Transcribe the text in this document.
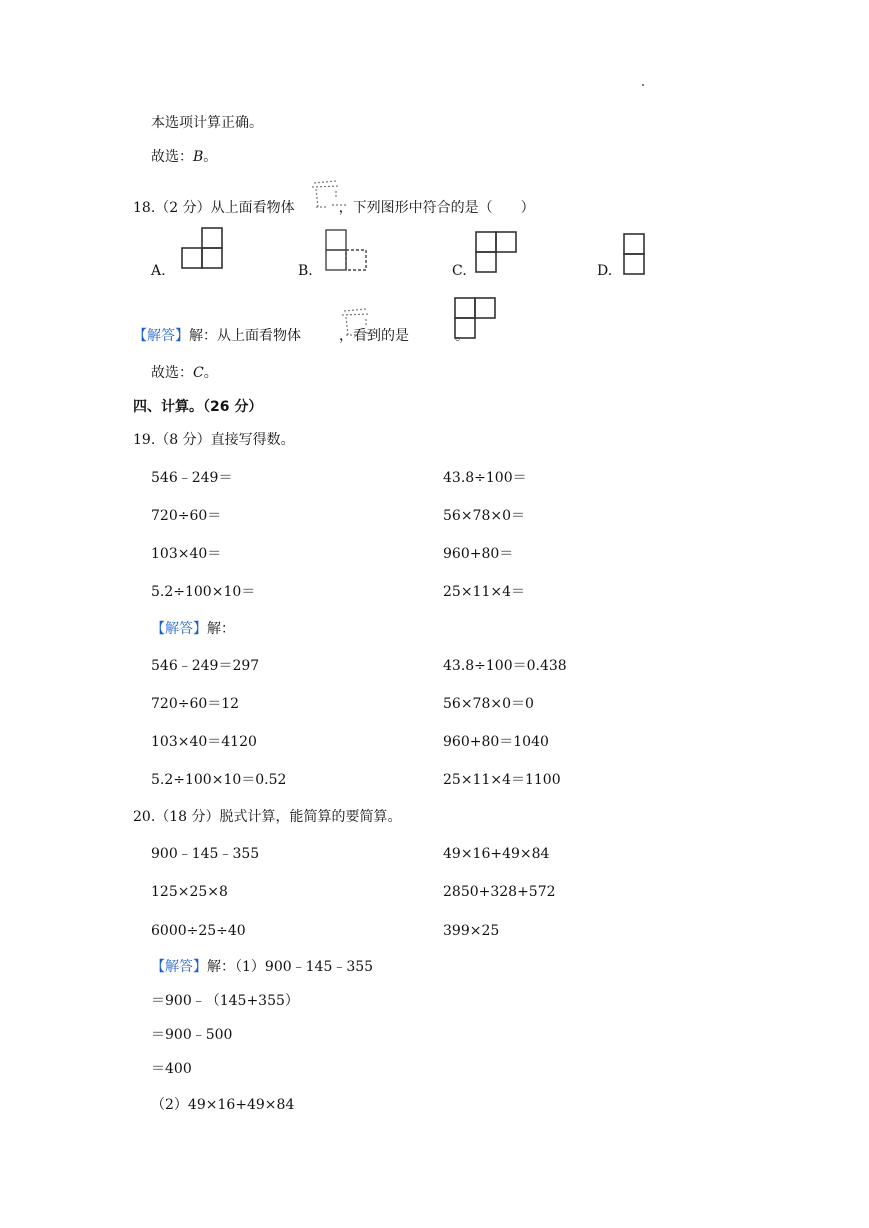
本选项计算正确。
故选：B。
18.（2 分）从上面看物体	，下列图形中符合的是（　　）
A.	B.	C.	D.
【解答】解：从上面看物体	，看到的是	。
故选：C。
四、计算。（26 分）
19.（8 分）直接写得数。
546﹣249＝	43.8÷100＝
720÷60＝	56×78×0＝
103×40＝	960+80＝
5.2÷100×10＝	25×11×4＝
【解答】解：
546﹣249＝297	43.8÷100＝0.438
720÷60＝12	56×78×0＝0
103×40＝4120	960+80＝1040
5.2÷100×10＝0.52	25×11×4＝1100
20.（18 分）脱式计算，能简算的要简算。
900﹣145﹣355	49×16+49×84
125×25×8	2850+328+572
6000÷25÷40	399×25
【解答】解：（1）900﹣145﹣355
＝900﹣（145+355）
＝900﹣500
＝400
（2）49×16+49×84
